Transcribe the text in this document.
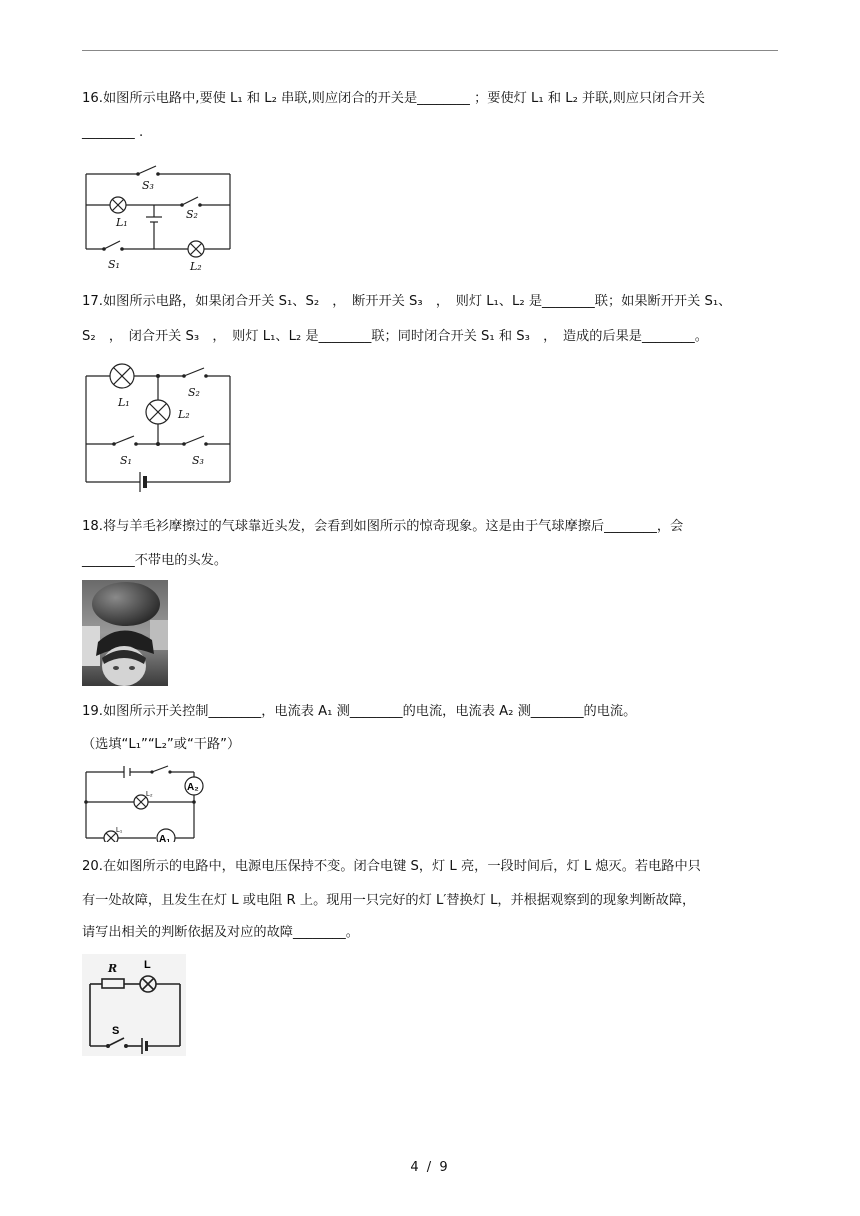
16.如图所示电路中,要使 L₁ 和 L₂ 串联,则应闭合的开关是________ ；要使灯 L₁ 和 L₂ 并联,则应只闭合开关
________ .
S₃
S₂
L₁
S₁	L₂
17.如图所示电路，如果闭合开关 S₁、S₂　，　断开开关 S₃　，　则灯 L₁、L₂ 是________联；如果断开开关 S₁、
S₂　，　闭合开关 S₃　，　则灯 L₁、L₂ 是________联；同时闭合开关 S₁ 和 S₃　，　造成的后果是________。
S₂
L₁
L₂
S₁	S₃
18.将与羊毛衫摩擦过的气球靠近头发，会看到如图所示的惊奇现象。这是由于气球摩擦后________，会
________不带电的头发。
19.如图所示开关控制________，电流表 A₁ 测________的电流，电流表 A₂ 测________的电流。
（选填“L₁”“L₂”或“干路”）
A₂
A₁
L₂
L₁
20.在如图所示的电路中，电源电压保持不变。闭合电键 S，灯 L 亮，一段时间后，灯 L 熄灭。若电路中只
有一处故障，且发生在灯 L 或电阻 R 上。现用一只完好的灯 L′替换灯 L，并根据观察到的现象判断故障，
请写出相关的判断依据及对应的故障________。
R L
S
4 / 9
